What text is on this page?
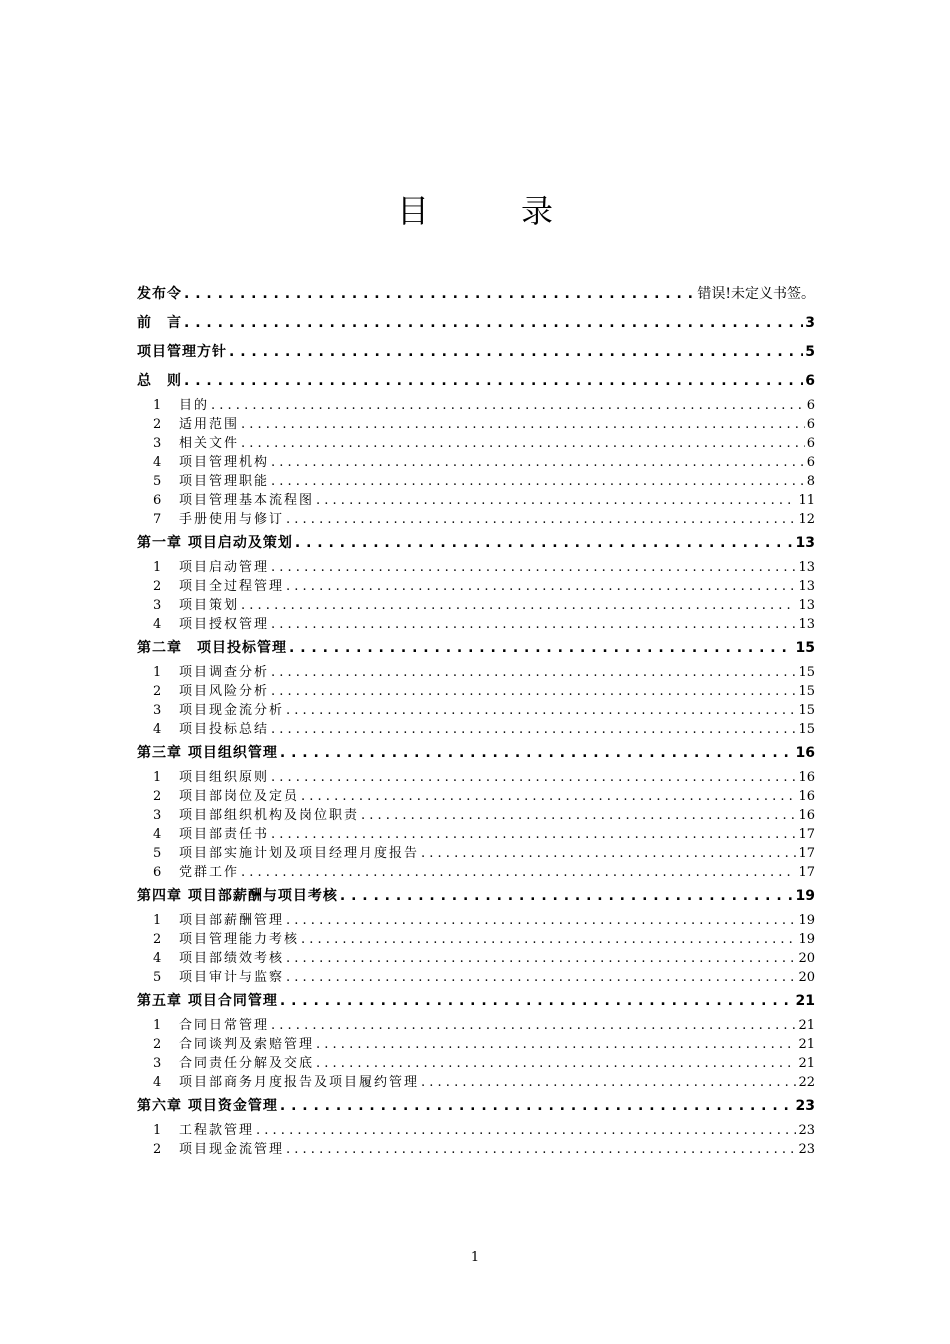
目　录
发布令 . . .	错误!未定义书签。
前　言 . . .	3
项目管理方针 . . .	5
总　则 . . .	6
1	目的 . . .	6
2	适用范围 . . .	6
3	相关文件 . . .	6
4	项目管理机构 . . .	6
5	项目管理职能 . . .	8
6	项目管理基本流程图 . . .	11
7	手册使用与修订 . . .	12
第一章 项目启动及策划 . . .	13
1	项目启动管理 . . .	13
2	项目全过程管理 . . .	13
3	项目策划 . . .	13
4	项目授权管理 . . .	13
第二章　项目投标管理 . . .	15
1	项目调查分析 . . .	15
2	项目风险分析 . . .	15
3	项目现金流分析 . . .	15
4	项目投标总结 . . .	15
第三章 项目组织管理 . . .	16
1	项目组织原则 . . .	16
2	项目部岗位及定员 . . .	16
3	项目部组织机构及岗位职责 . . .	16
4	项目部责任书 . . .	17
5	项目部实施计划及项目经理月度报告 . . .	17
6	党群工作 . . .	17
第四章 项目部薪酬与项目考核 . . .	19
1	项目部薪酬管理 . . .	19
2	项目管理能力考核 . . .	19
4	项目部绩效考核 . . .	20
5	项目审计与监察 . . .	20
第五章 项目合同管理 . . .	21
1	合同日常管理 . . .	21
2	合同谈判及索赔管理 . . .	21
3	合同责任分解及交底 . . .	21
4	项目部商务月度报告及项目履约管理 . . .	22
第六章 项目资金管理 . . .	23
1	工程款管理 . . .	23
2	项目现金流管理 . . .	23
1
